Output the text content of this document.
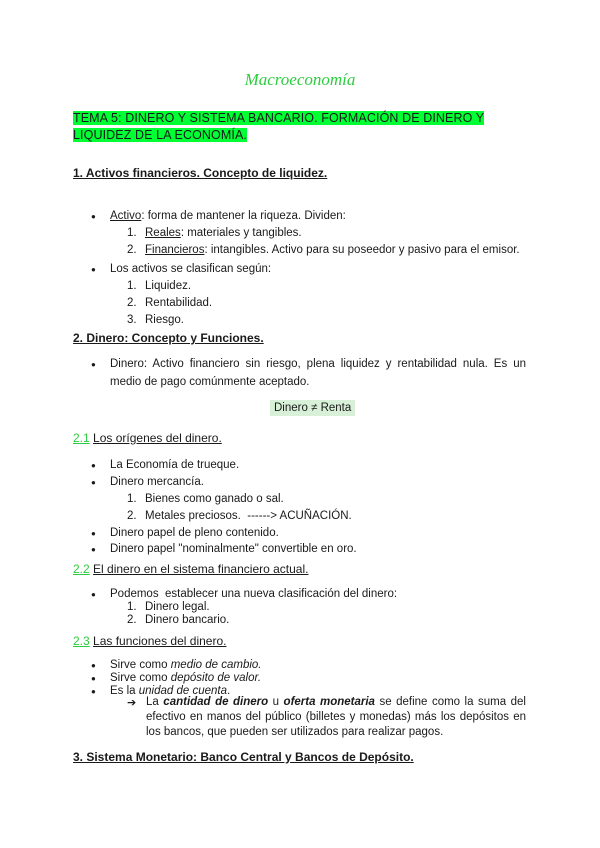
Macroeconomía
TEMA 5: DINERO Y SISTEMA BANCARIO. FORMACIÓN DE DINERO Y LIQUIDEZ DE LA ECONOMÍA.
1. Activos financieros. Concepto de liquidez.
● Activo: forma de mantener la riqueza. Dividen:
1. Reales: materiales y tangibles.
2. Financieros: intangibles. Activo para su poseedor y pasivo para el emisor.
● Los activos se clasifican según:
1. Liquidez.
2. Rentabilidad.
3. Riesgo.
2. Dinero: Concepto y Funciones.
● Dinero: Activo financiero sin riesgo, plena liquidez y rentabilidad nula. Es un medio de pago comúnmente aceptado.
Dinero ≠ Renta
2.1 Los orígenes del dinero.
● La Economía de trueque.
● Dinero mercancía.
1. Bienes como ganado o sal.
2. Metales preciosos.  ------> ACUÑACIÓN.
● Dinero papel de pleno contenido.
● Dinero papel "nominalmente" convertible en oro.
2.2 El dinero en el sistema financiero actual.
● Podemos  establecer una nueva clasificación del dinero:
1. Dinero legal.
2. Dinero bancario.
2.3 Las funciones del dinero.
● Sirve como medio de cambio.
● Sirve como depósito de valor.
● Es la unidad de cuenta.
➔ La cantidad de dinero u oferta monetaria se define como la suma del efectivo en manos del público (billetes y monedas) más los depósitos en los bancos, que pueden ser utilizados para realizar pagos.
3. Sistema Monetario: Banco Central y Bancos de Depósito.
